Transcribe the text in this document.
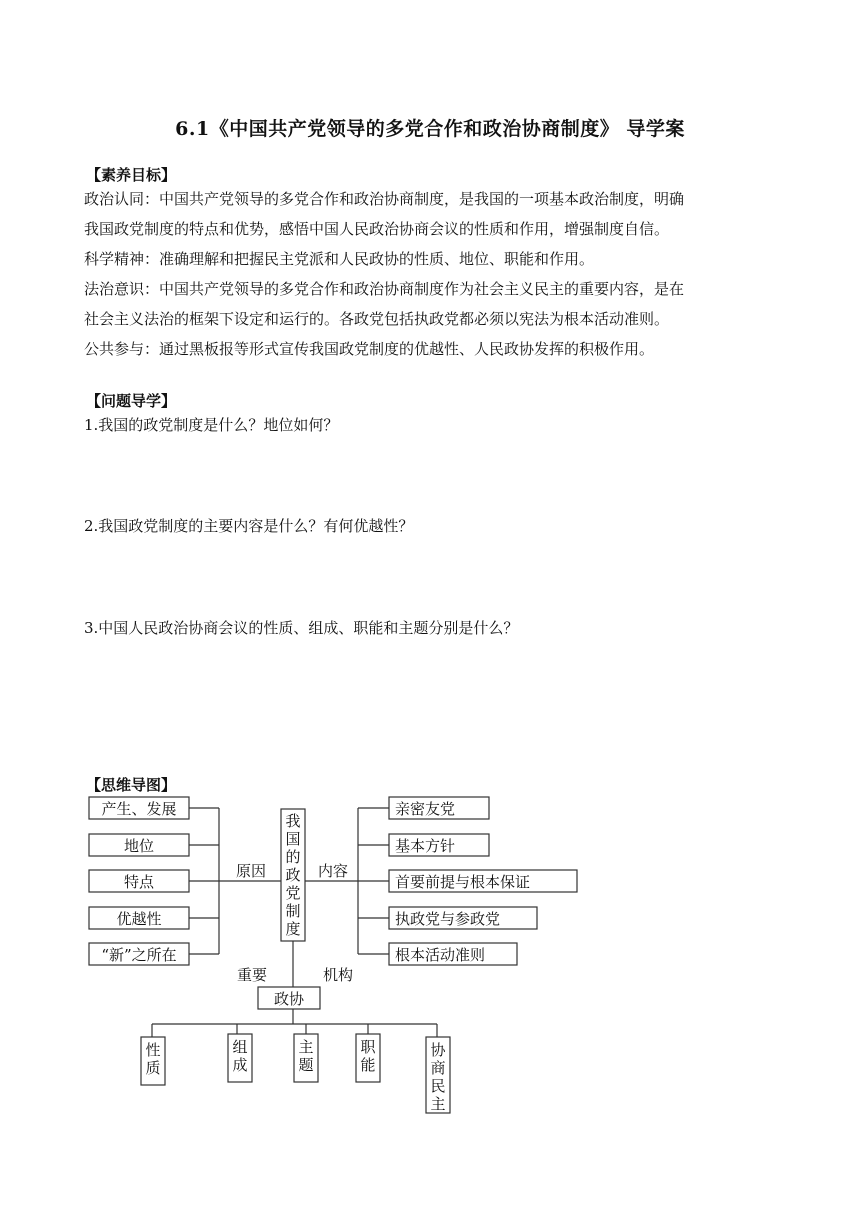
6.1《中国共产党领导的多党合作和政治协商制度》 导学案
【素养目标】
政治认同：中国共产党领导的多党合作和政治协商制度，是我国的一项基本政治制度，明确
我国政党制度的特点和优势，感悟中国人民政治协商会议的性质和作用，增强制度自信。
科学精神：准确理解和把握民主党派和人民政协的性质、地位、职能和作用。
法治意识：中国共产党领导的多党合作和政治协商制度作为社会主义民主的重要内容，是在
社会主义法治的框架下设定和运行的。各政党包括执政党都必须以宪法为根本活动准则。
公共参与：通过黑板报等形式宣传我国政党制度的优越性、人民政协发挥的积极作用。
【问题导学】
1.我国的政党制度是什么？地位如何？
2.我国政党制度的主要内容是什么？有何优越性？
3.中国人民政治协商会议的性质、组成、职能和主题分别是什么？
【思维导图】
产生、发展
地位
特点
优越性
“新”之所在
原因
我国的政党制度
内容
亲密友党
基本方针
首要前提与根本保证
执政党与参政党
根本活动准则
重要	机构
政协
性质
组成
主题
职能
协商民主
